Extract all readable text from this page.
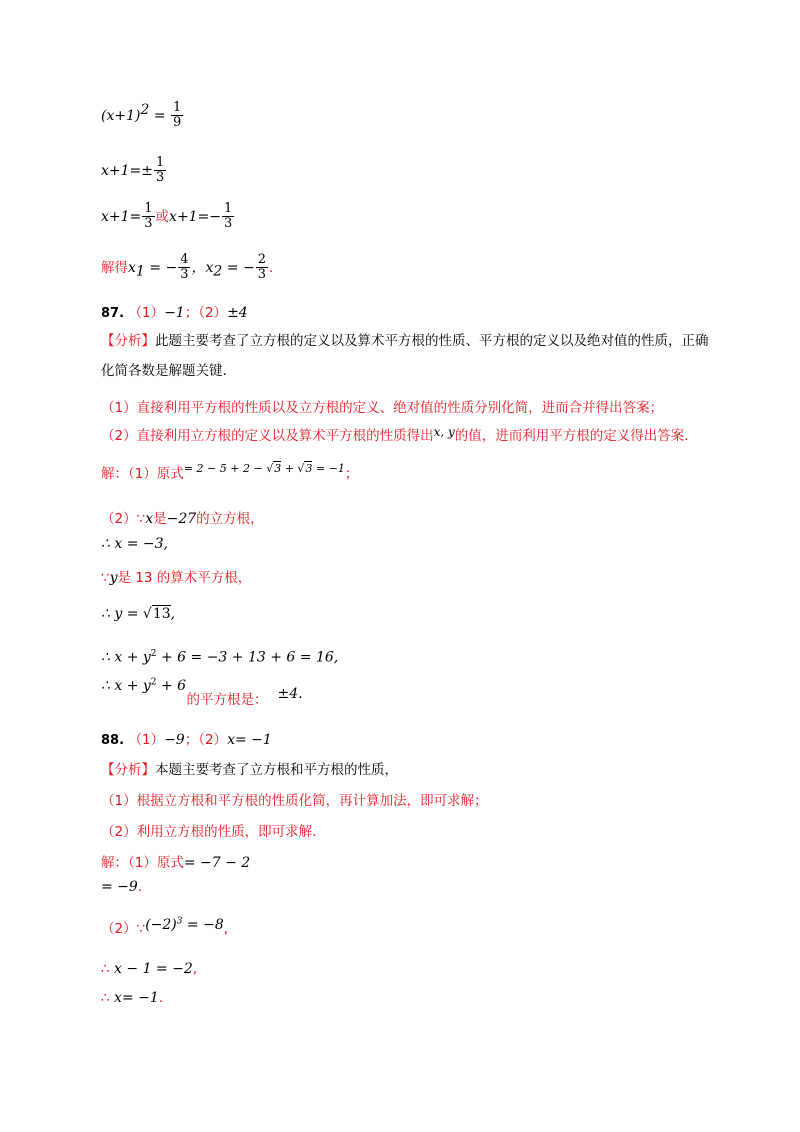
$(x+1)^2 = \frac{1}{9}$
$x+1=\pm \frac{1}{3}$
$x+1= \frac{1}{3}$ 或$x+1=- \frac{1}{3}$
解得$x_1$ = − $\frac{4}{3}$ ，$x_2$ = − $\frac{2}{3}$ .
87. （1）−1；（2）±4
【分析】此题主要考查了立方根的定义以及算术平方根的性质、平方根的定义以及绝对值的性质，正确化简各数是解题关键.
（1）直接利用平方根的性质以及立方根的定义、绝对值的性质分别化简，进而合并得出答案；
（2）直接利用立方根的定义以及算术平方根的性质得出x, y的值，进而利用平方根的定义得出答案.
解：（1）原式$^{= 2 - 5 + 2 - √3 + √3 = -1}$；
（2）∵x是−27的立方根，
∴ x = −3,
∵y是 13 的算术平方根，
∴ y = √13,
∴ $x + y^2 + 6 = -3 + 13 + 6 = 16$,
∴ $x + y^2 + 6$ 的平方根是： ±4.
88. （1）−9；（2）x= −1
【分析】本题主要考查了立方根和平方根的性质，
（1）根据立方根和平方根的性质化简，再计算加法，即可求解；
（2）利用立方根的性质，即可求解.
解：（1）原式= −7 − 2
= −9.
$(2)\because(-2)^3 = -8$,
∴ x − 1 = −2,
∴ x= −1.
